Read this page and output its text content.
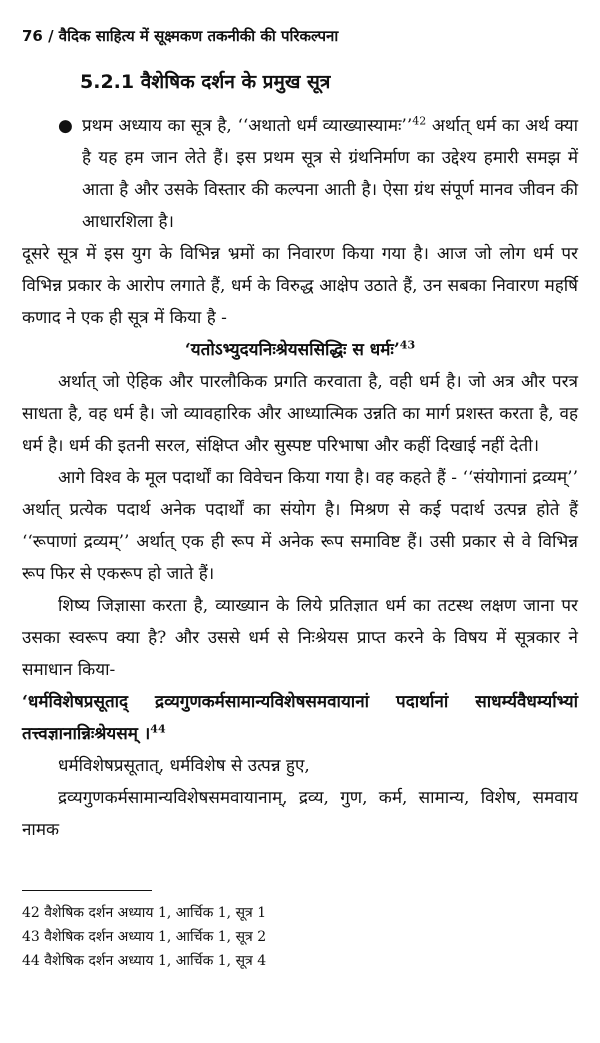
76 / वैदिक साहित्य में सूक्ष्मकण तकनीकी की परिकल्पना
5.2.1 वैशेषिक दर्शन के प्रमुख सूत्र
● प्रथम अध्याय का सूत्र है, ‘‘अथातो धर्मं व्याख्यास्यामः’’$^{42}$ अर्थात् धर्म का अर्थ क्या है यह हम जान लेते हैं। इस प्रथम सूत्र से ग्रंथनिर्माण का उद्देश्य हमारी समझ में आता है और उसके विस्तार की कल्पना आती है। ऐसा ग्रंथ संपूर्ण मानव जीवन की आधारशिला है।

दूसरे सूत्र में इस युग के विभिन्न भ्रमों का निवारण किया गया है। आज जो लोग धर्म पर विभिन्न प्रकार के आरोप लगाते हैं, धर्म के विरुद्ध आक्षेप उठाते हैं, उन सबका निवारण महर्षि कणाद ने एक ही सूत्र में किया है -

‘यतोऽभ्युदयनिःश्रेयससिद्धिः स धर्मः’$^{43}$

अर्थात् जो ऐहिक और पारलौकिक प्रगति करवाता है, वही धर्म है। जो अत्र और परत्र साधता है, वह धर्म है। जो व्यावहारिक और आध्यात्मिक उन्नति का मार्ग प्रशस्त करता है, वह धर्म है। धर्म की इतनी सरल, संक्षिप्त और सुस्पष्ट परिभाषा और कहीं दिखाई नहीं देती।

आगे विश्व के मूल पदार्थों का विवेचन किया गया है। वह कहते हैं - ‘‘संयोगानां द्रव्यम्’’ अर्थात् प्रत्येक पदार्थ अनेक पदार्थों का संयोग है। मिश्रण से कई पदार्थ उत्पन्न होते हैं ‘‘रूपाणां द्रव्यम्’’ अर्थात् एक ही रूप में अनेक रूप समाविष्ट हैं। उसी प्रकार से वे विभिन्न रूप फिर से एकरूप हो जाते हैं।

शिष्य जिज्ञासा करता है, व्याख्यान के लिये प्रतिज्ञात धर्म का तटस्थ लक्षण जाना पर उसका स्वरूप क्या है? और उससे धर्म से निःश्रेयस प्राप्त करने के विषय में सूत्रकार ने समाधान किया-

‘धर्मविशेषप्रसूताद् द्रव्यगुणकर्मसामान्यविशेषसमवायानां पदार्थानां साधर्म्यवैधर्म्याभ्यां तत्त्वज्ञानान्निःश्रेयसम् ।$^{44}$

धर्मविशेषप्रसूतात्, धर्मविशेष से उत्पन्न हुए,

द्रव्यगुणकर्मसामान्यविशेषसमवायानाम्, द्रव्य, गुण, कर्म, सामान्य, विशेष, समवाय नामक

42 वैशेषिक दर्शन अध्याय 1, आर्चिक 1, सूत्र 1

43 वैशेषिक दर्शन अध्याय 1, आर्चिक 1, सूत्र 2

44 वैशेषिक दर्शन अध्याय 1, आर्चिक 1, सूत्र 4
